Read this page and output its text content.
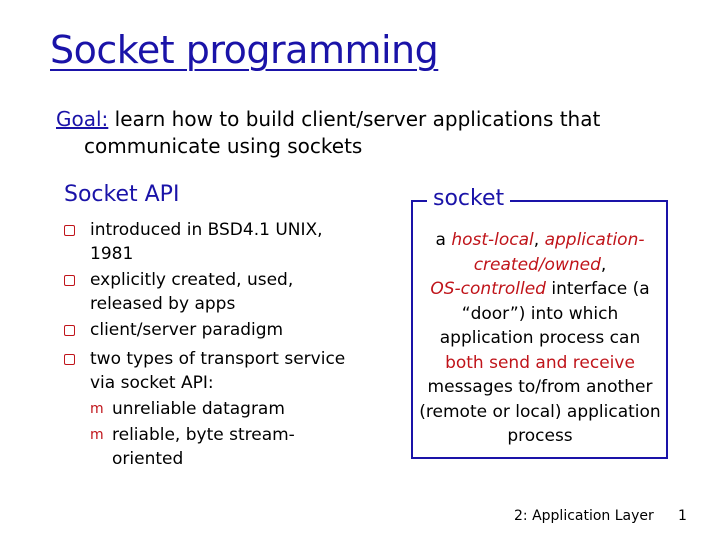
Socket programming
Goal: learn how to build client/server applications that
communicate using sockets
Socket API
introduced in BSD4.1 UNIX, 1981
explicitly created, used, released by apps
client/server paradigm
two types of transport service via socket API:
m unreliable datagram
m reliable, byte stream-oriented
socket
a host-local, application-created/owned,
OS-controlled interface (a “door”) into which application process can both send and receive messages to/from another (remote or local) application process
2: Application Layer 1
